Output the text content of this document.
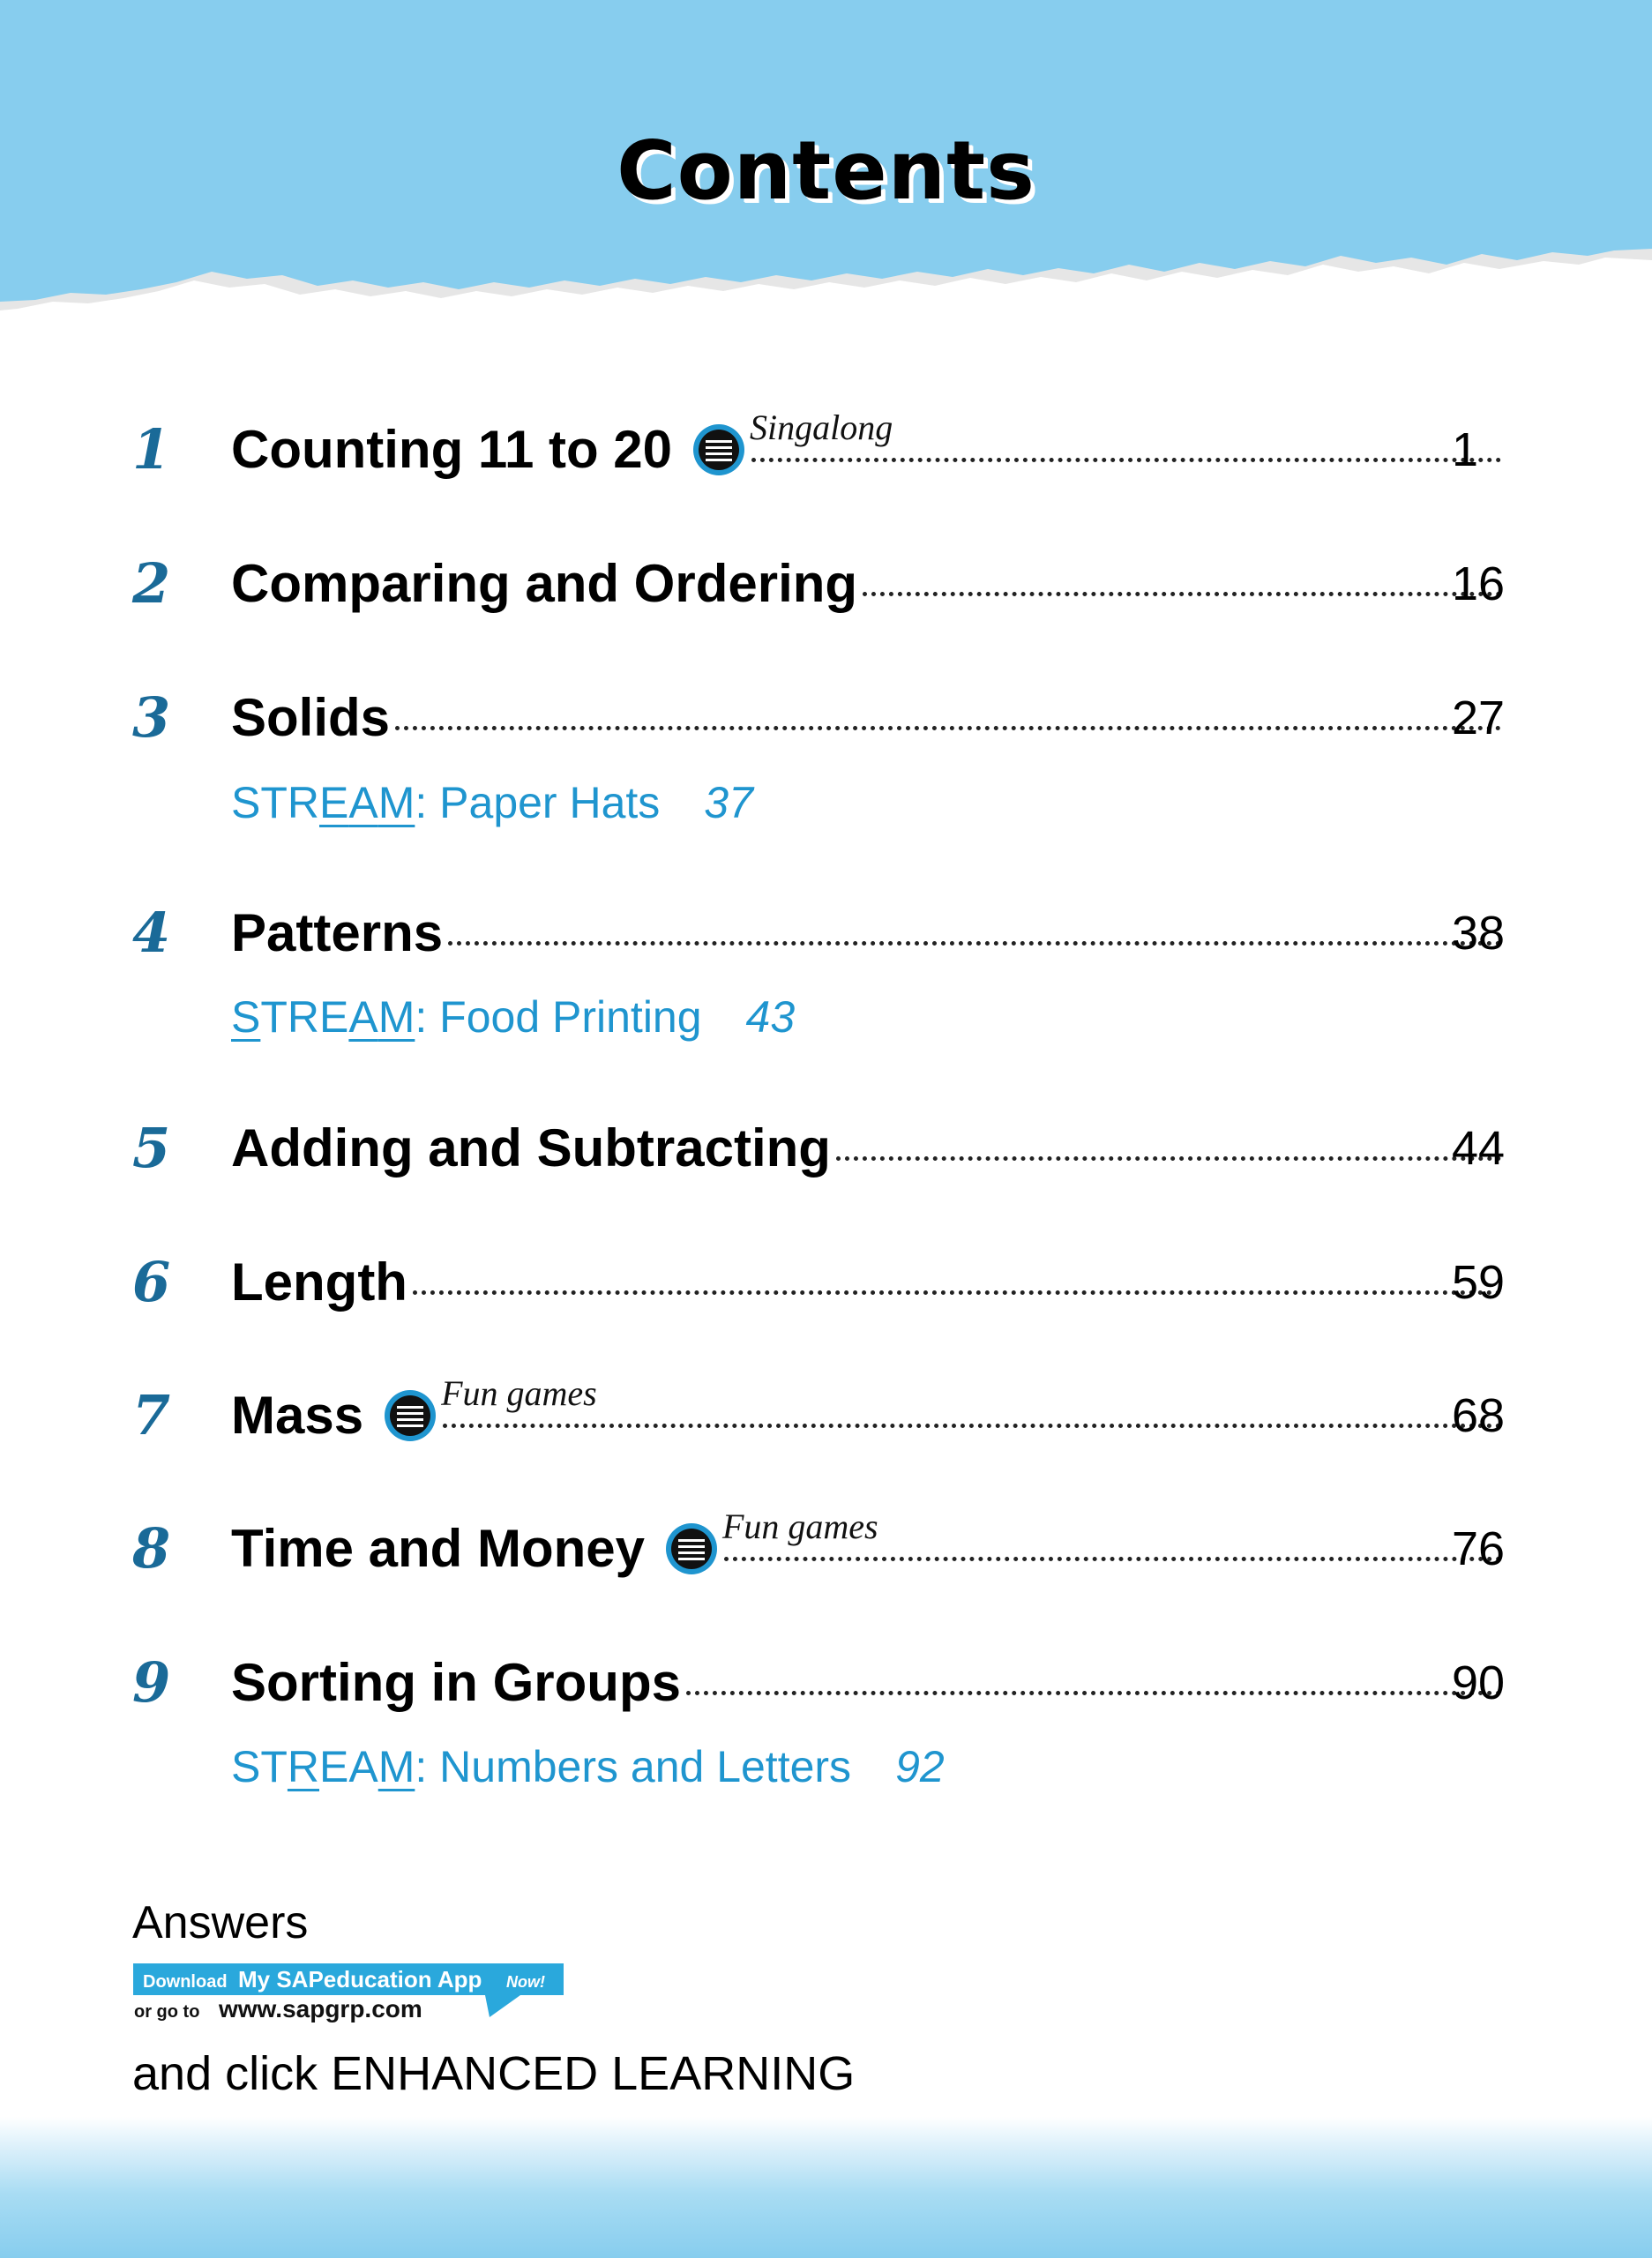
Contents
1 Counting 11 to 20 Singalong	1
2 Comparing and Ordering	16
3 Solids	27
STREAM: Paper Hats 37
4 Patterns	38
STREAM: Food Printing 43
5 Adding and Subtracting	44
6 Length	59
7 Mass Fun games	68
8 Time and Money Fun games	76
9 Sorting in Groups	90
STREAM: Numbers and Letters 92
Answers
Download My SAPeducation App Now!
or go to www.sapgrp.com
and click ENHANCED LEARNING
